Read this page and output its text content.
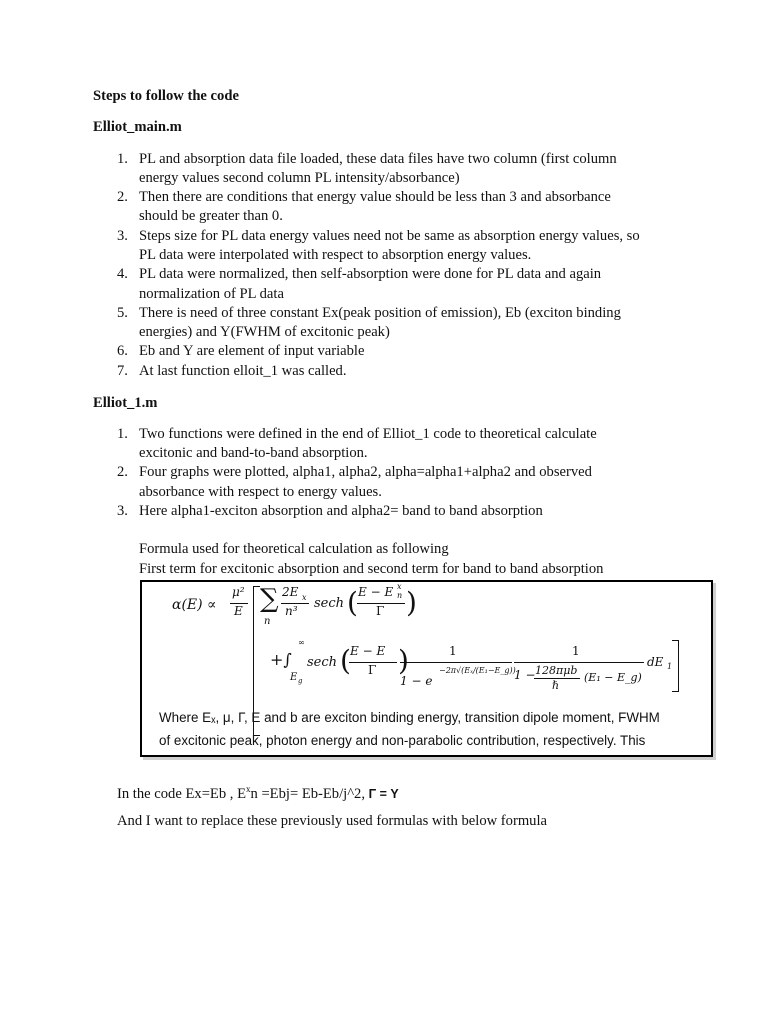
Steps to follow the code
Elliot_main.m
1. PL and absorption data file loaded, these data files have two column (first column
energy values second column PL intensity/absorbance)
2. Then there are conditions that energy value should be less than 3 and absorbance
should be greater than 0.
3. Steps size for PL data energy values need not be same as absorption energy values, so
PL data were interpolated with respect to absorption energy values.
4. PL data were normalized, then self-absorption were done for PL data and again
normalization of PL data
5. There is need of three constant Ex(peak position of emission), Eb (exciton binding
energies) and Y(FWHM of excitonic peak)
6. Eb and Y are element of input variable
7. At last function elloit_1 was called.
Elliot_1.m
1. Two functions were defined in the end of Elliot_1 code to theoretical calculate
excitonic and band-to-band absorption.
2. Four graphs were plotted, alpha1, alpha2, alpha=alpha1+alpha2 and observed
absorbance with respect to energy values.
3. Here alpha1-exciton absorption and alpha2= band to band absorption
Formula used for theoretical calculation as following
First term for excitonic absorption and second term for band to band absorption
α(E) ∝
μ²
E ∑
n
2E x
n³ sech ( E − E n
x
Γ )
+∫
∞
E g
sech ( E − E
Γ )	1
1 − e
−2π√(Eₓ/(E₁−E_g))
1
1 − 128πμb
ℏ
(E₁ − E_g)
dE 1
Where Eₓ, μ, Γ, E and b are exciton binding energy, transition dipole moment, FWHM
of excitonic peak, photon energy and non-parabolic contribution, respectively. This
In the code Ex=Eb , $E^xn =Ebj=$ Eb-Eb/j^2, Γ = Y
And I want to replace these previously used formulas with below formula
